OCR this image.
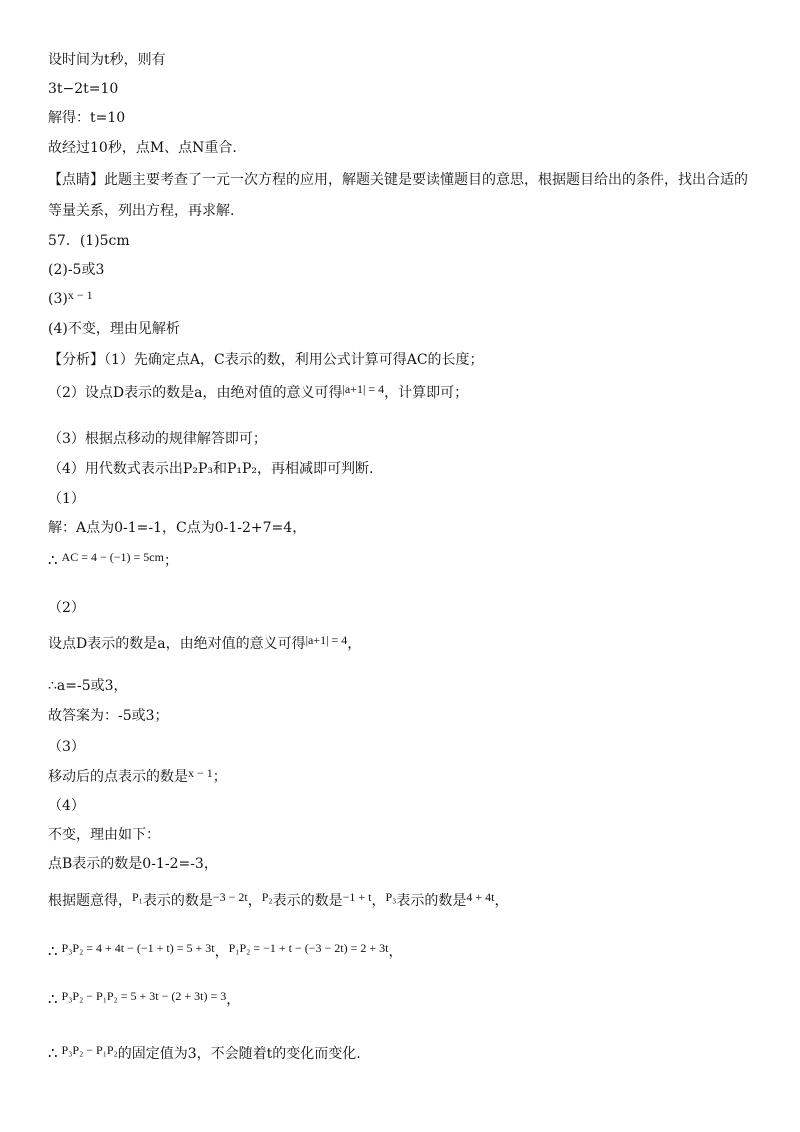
设时间为t秒，则有
3t−2t=10
解得：t=10
故经过10秒，点M、点N重合.
【点睛】此题主要考查了一元一次方程的应用，解题关键是要读懂题目的意思，根据题目给出的条件，找出合适的
等量关系，列出方程，再求解.
57．(1)5cm
(2)-5或3
(3)x − 1
(4)不变，理由见解析
【分析】（1）先确定点A，C表示的数，利用公式计算可得AC的长度；
（2）设点D表示的数是a，由绝对值的意义可得|a+1| = 4，计算即可；
（3）根据点移动的规律解答即可；
（4）用代数式表示出P₂P₃和P₁P₂，再相减即可判断.
（1）
解：A点为0-1=-1，C点为0-1-2+7=4，
∴ AC = 4 − (−1) = 5cm；
（2）
设点D表示的数是a，由绝对值的意义可得|a+1| = 4，
∴a=-5或3，
故答案为：-5或3；
（3）
移动后的点表示的数是x − 1；
（4）
不变，理由如下：
点B表示的数是0-1-2=-3，
根据题意得，P₁表示的数是−3 − 2t，P₂表示的数是−1 + t，P₃表示的数是4 + 4t，
∴ P₃P₂ = 4 + 4t − (−1 + t) = 5 + 3t，P₁P₂ = −1 + t − (−3 − 2t) = 2 + 3t，
∴ P₃P₂ − P₁P₂ = 5 + 3t − (2 + 3t) = 3，
∴ P₃P₂ − P₁P₂的固定值为3，不会随着t的变化而变化.
